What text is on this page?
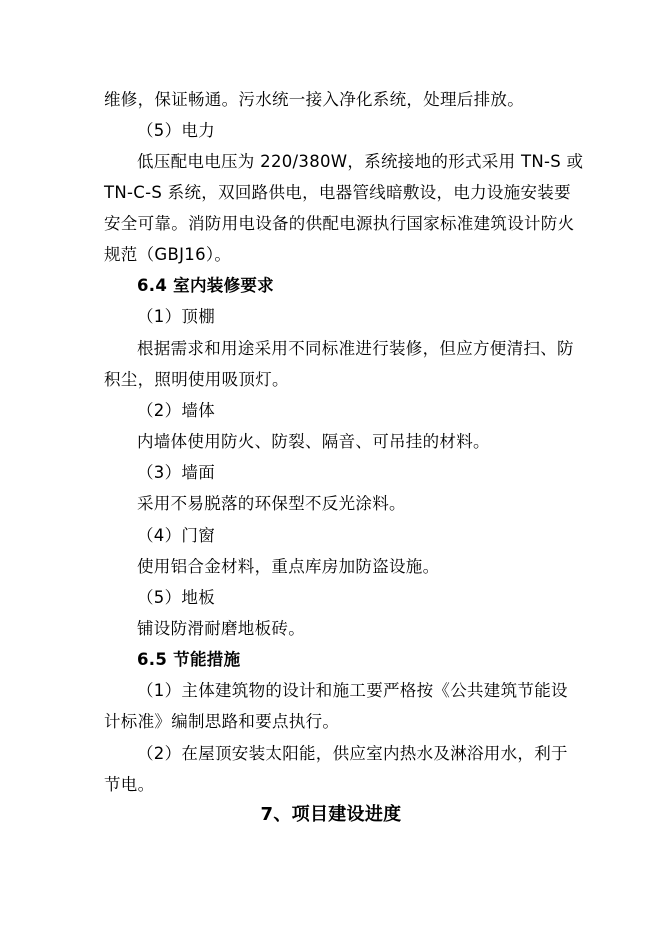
维修，保证畅通。污水统一接入净化系统，处理后排放。
（5）电力
低压配电电压为 220/380W，系统接地的形式采用 TN-S 或
TN-C-S 系统，双回路供电，电器管线暗敷设，电力设施安装要
安全可靠。消防用电设备的供配电源执行国家标准建筑设计防火
规范（GBJ16）。
6.4 室内装修要求
（1）顶棚
根据需求和用途采用不同标准进行装修，但应方便清扫、防
积尘，照明使用吸顶灯。
（2）墙体
内墙体使用防火、防裂、隔音、可吊挂的材料。
（3）墙面
采用不易脱落的环保型不反光涂料。
（4）门窗
使用铝合金材料，重点库房加防盗设施。
（5）地板
铺设防滑耐磨地板砖。
6.5 节能措施
（1）主体建筑物的设计和施工要严格按《公共建筑节能设
计标准》编制思路和要点执行。
（2）在屋顶安装太阳能，供应室内热水及淋浴用水，利于
节电。
7、项目建设进度
